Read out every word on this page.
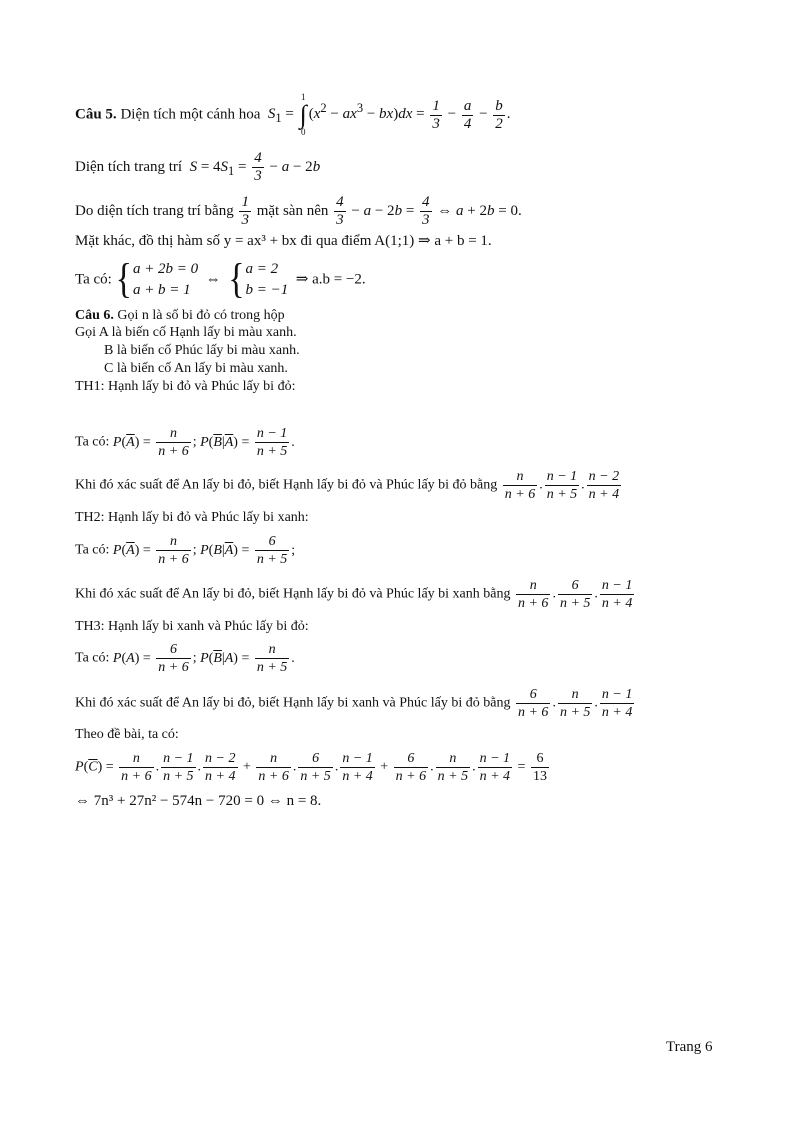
Câu 5. Diện tích một cánh hoa $S_1$ =
1
∫
0
$(x^2 - ax^3 - bx)dx = \frac{1}{3} - \frac{a}{4} - \frac{b}{2}$ .
Diện tích trang trí $S = 4S_1 = \frac{4}{3} - a - 2b$
Do diện tích trang trí bằng $\frac{1}{3}$ mặt sàn nên $\frac{4}{3} - a - 2b = \frac{4}{3}$ ⇔ a + 2b = 0.
Mặt khác, đồ thị hàm số y = ax³ + bx đi qua điểm A(1;1) ⇒ a + b = 1.
Ta có: { a + 2b = 0
a + b = 1
⇔  { a = 2
b = −1
⇒ a.b = −2.
Câu 6. Gọi n là số bi đỏ có trong hộp
Gọi A là biến cố Hạnh lấy bi màu xanh.
B là biến cố Phúc lấy bi màu xanh.
C là biến cố An lấy bi màu xanh.
TH1: Hạnh lấy bi đỏ và Phúc lấy bi đỏ:
Ta có: $P(\overline{A}) = \frac{n}{n + 6}$ ; $P(\overline{B}|\overline{A}) = \frac{n - 1}{n + 5}$ .
Khi đó xác suất để An lấy bi đỏ, biết Hạnh lấy bi đỏ và Phúc lấy bi đỏ bằng $\frac{n}{n + 6}$ . $\frac{n - 1}{n + 5}$ . $\frac{n - 2}{n + 4}$
TH2: Hạnh lấy bi đỏ và Phúc lấy bi xanh:
Ta có: $P(\overline{A}) = \frac{n}{n + 6}$ ; $P(B|\overline{A}) = \frac{6}{n + 5}$ ;
Khi đó xác suất để An lấy bi đỏ, biết Hạnh lấy bi đỏ và Phúc lấy bi xanh bằng $\frac{n}{n + 6}$ . $\frac{6}{n + 5}$ . $\frac{n - 1}{n + 4}$
TH3: Hạnh lấy bi xanh và Phúc lấy bi đỏ:
Ta có: $P(A) = \frac{6}{n + 6}$ ; $P(\overline{B}|A) = \frac{n}{n + 5}$ .
Khi đó xác suất để An lấy bi đỏ, biết Hạnh lấy bi xanh và Phúc lấy bi đỏ bằng $\frac{6}{n + 6}$ . $\frac{n}{n + 5}$ . $\frac{n - 1}{n + 4}$
Theo đề bài, ta có:
$P(\overline{C}) = \frac{n}{n + 6}$ . $\frac{n - 1}{n + 5}$ . $\frac{n - 2}{n + 4} + \frac{n}{n + 6}$ . $\frac{6}{n + 5}$ . $\frac{n - 1}{n + 4} + \frac{6}{n + 6}$ . $\frac{n}{n + 5}$ . $\frac{n - 1}{n + 4} = \frac{6}{13}$
⇔ 7n³ + 27n² − 574n − 720 = 0 ⇔ n = 8.
Trang 6
